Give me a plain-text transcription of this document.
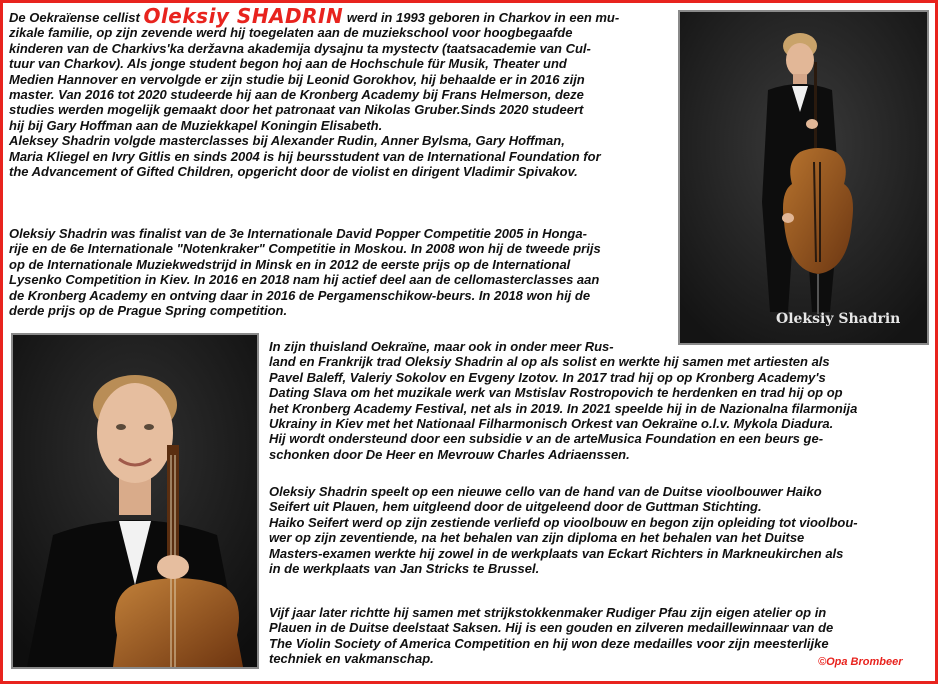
De Oekraïense cellist Oleksiy SHADRIN werd in 1993 geboren in Charkov in een mu-
zikale familie, op zijn zevende werd hij toegelaten aan de muziekschool voor hoogbegaafde
kinderen van de Charkivs'ka deržavna akademija dysajnu ta mystectv (taatsacademie van Cul-
tuur van Charkov). Als jonge student begon hoj aan de Hochschule für Musik, Theater und
Medien Hannover en vervolgde er zijn studie bij Leonid Gorokhov, hij behaalde er in 2016 zijn
master. Van 2016 tot 2020 studeerde hij aan de Kronberg Academy bij Frans Helmerson, deze
studies werden mogelijk gemaakt door het patronaat van Nikolas Gruber.Sinds 2020 studeert
hij bij Gary Hoffman aan de Muziekkapel Koningin Elisabeth.
Aleksey Shadrin volgde masterclasses bij Alexander Rudin, Anner Bylsma, Gary Hoffman,
Maria Kliegel en Ivry Gitlis en sinds 2004 is hij beursstudent van de International Foundation for
the Advancement of Gifted Children, opgericht door de violist en dirigent Vladimir Spivakov.
Oleksiy Shadrin was finalist van de 3e Internationale David Popper Competitie 2005 in Honga-
rije en de 6e Internationale "Notenkraker" Competitie in Moskou. In 2008 won hij de tweede prijs
op de Internationale Muziekwedstrijd in Minsk en in 2012 de eerste prijs op de International
Lysenko Competition in Kiev. In 2016 en 2018 nam hij actief deel aan de cellomasterclasses aan
de Kronberg Academy en ontving daar in 2016 de Pergamenschikow-beurs. In 2018 won hij de
derde prijs op de Prague Spring competition.
In zijn thuisland Oekraïne, maar ook in onder meer Rus-
land en Frankrijk trad Oleksiy Shadrin al op als solist en werkte hij samen met artiesten als
Pavel Baleff, Valeriy Sokolov en Evgeny Izotov. In 2017 trad hij op op Kronberg Academy's
Dating Slava om het muzikale werk van Mstislav Rostropovich te herdenken en trad hij op op
het Kronberg Academy Festival, net als in 2019. In 2021 speelde hij in de Nazionalna filarmonija
Ukrainy in Kiev met het Nationaal Filharmonisch Orkest van Oekraïne o.l.v. Mykola Diadura.
Hij wordt ondersteund door een subsidie v an de arteMusica Foundation en een beurs ge-
schonken door De Heer en Mevrouw Charles Adriaenssen.
Oleksiy Shadrin speelt op een nieuwe cello van de hand van de Duitse vioolbouwer Haiko
Seifert uit Plauen, hem uitgleend door de uitgeleend door de Guttman Stichting.
Haiko Seifert werd op zijn zestiende verliefd op vioolbouw en begon zijn opleiding tot vioolbou-
wer op zijn zeventiende, na het behalen van zijn diploma en het behalen van het Duitse
Masters-examen werkte hij zowel in de werkplaats van Eckart Richters in Markneukirchen als
in de werkplaats van Jan Stricks te Brussel.
Vijf jaar later richtte hij samen met strijkstokkenmaker Rudiger Pfau zijn eigen atelier op in
Plauen in de Duitse deelstaat Saksen. Hij is een gouden en zilveren medaillewinnaar van de
The Violin Society of America Competition en hij won deze medailles voor zijn meesterlijke
techniek en vakmanschap.
Oleksiy Shadrin
©Opa Brombeer
